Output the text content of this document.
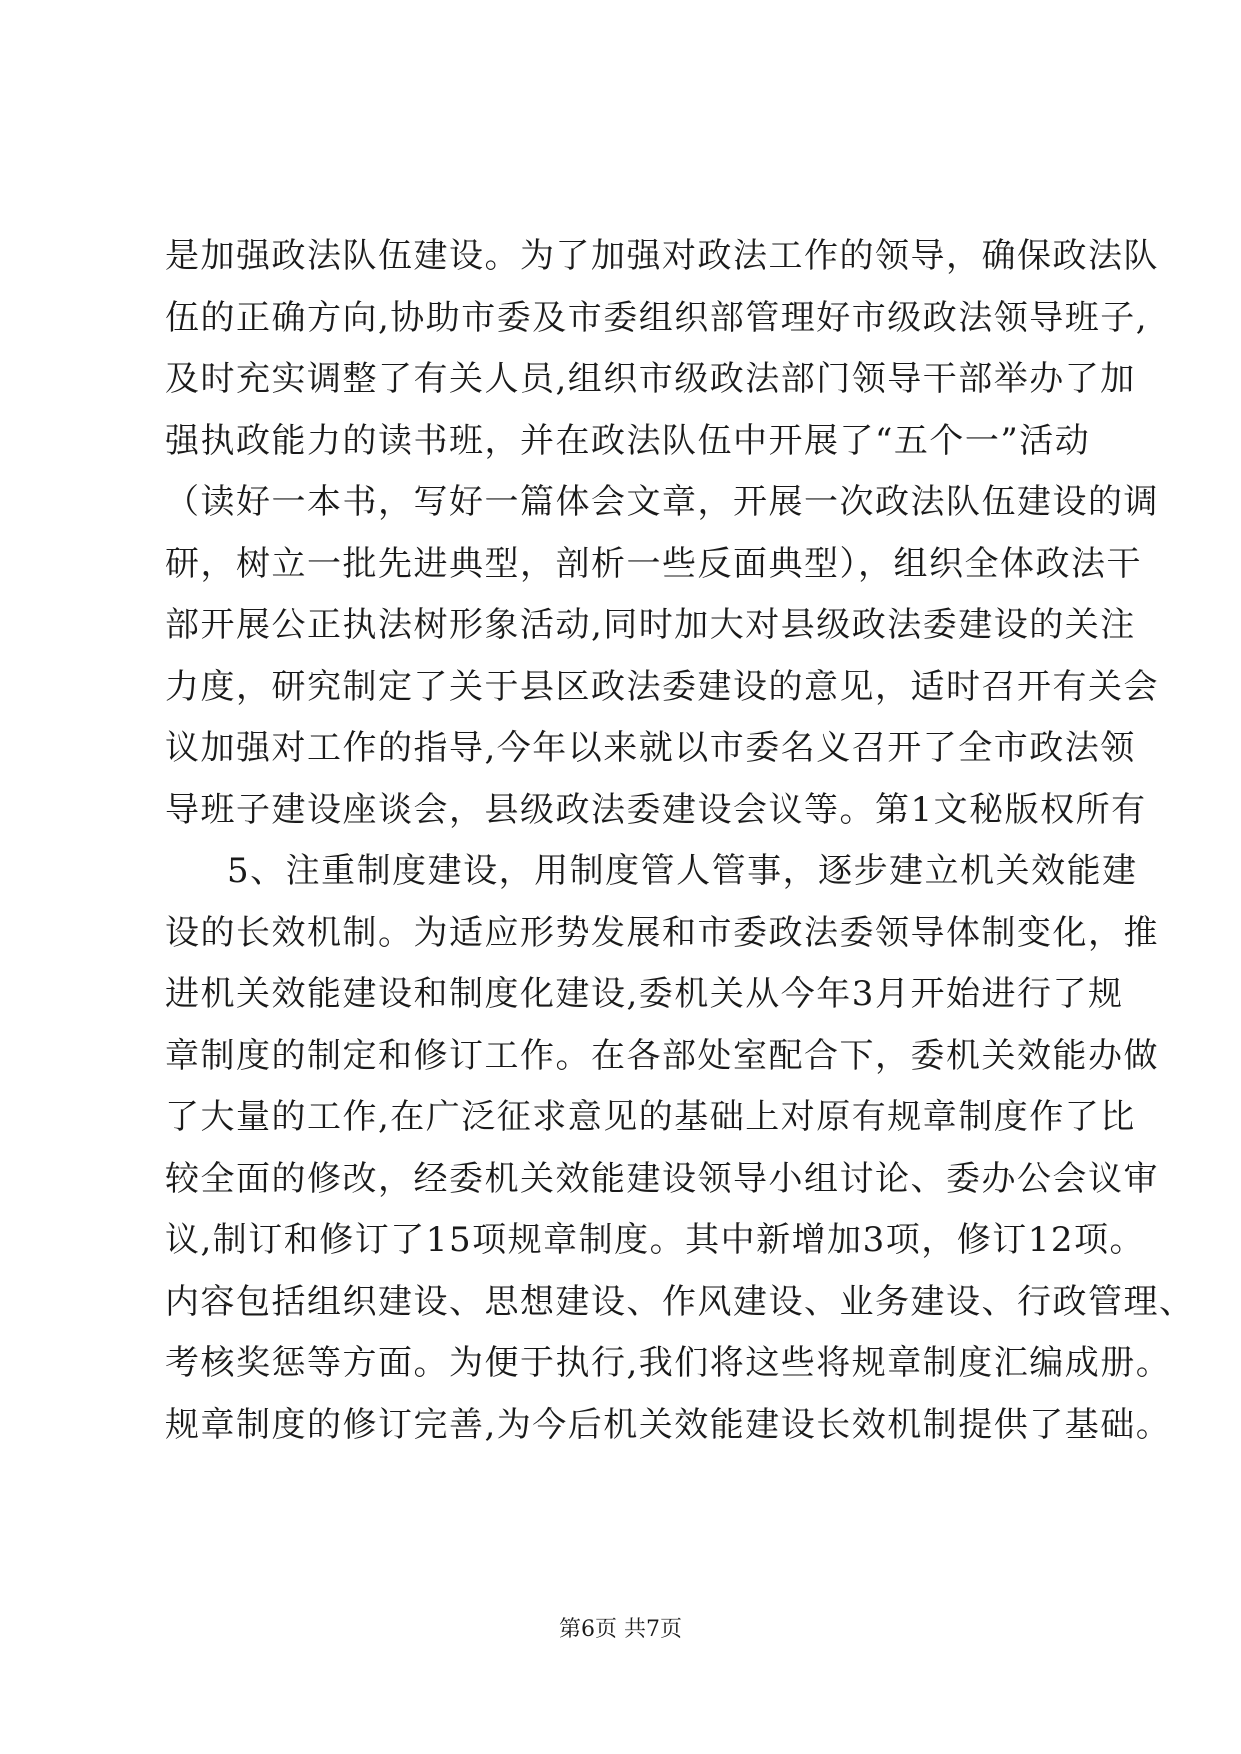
是加强政法队伍建设。为了加强对政法工作的领导，确保政法队
伍的正确方向,协助市委及市委组织部管理好市级政法领导班子,
及时充实调整了有关人员,组织市级政法部门领导干部举办了加
强执政能力的读书班，并在政法队伍中开展了“五个一”活动
（读好一本书，写好一篇体会文章，开展一次政法队伍建设的调
研，树立一批先进典型，剖析一些反面典型），组织全体政法干
部开展公正执法树形象活动,同时加大对县级政法委建设的关注
力度，研究制定了关于县区政法委建设的意见，适时召开有关会
议加强对工作的指导,今年以来就以市委名义召开了全市政法领
导班子建设座谈会，县级政法委建设会议等。第1文秘版权所有
5、注重制度建设，用制度管人管事，逐步建立机关效能建
设的长效机制。为适应形势发展和市委政法委领导体制变化，推
进机关效能建设和制度化建设,委机关从今年3月开始进行了规
章制度的制定和修订工作。在各部处室配合下，委机关效能办做
了大量的工作,在广泛征求意见的基础上对原有规章制度作了比
较全面的修改，经委机关效能建设领导小组讨论、委办公会议审
议,制订和修订了15项规章制度。其中新增加3项，修订12项。
内容包括组织建设、思想建设、作风建设、业务建设、行政管理、
考核奖惩等方面。为便于执行,我们将这些将规章制度汇编成册。
规章制度的修订完善,为今后机关效能建设长效机制提供了基础。
第6页 共7页
